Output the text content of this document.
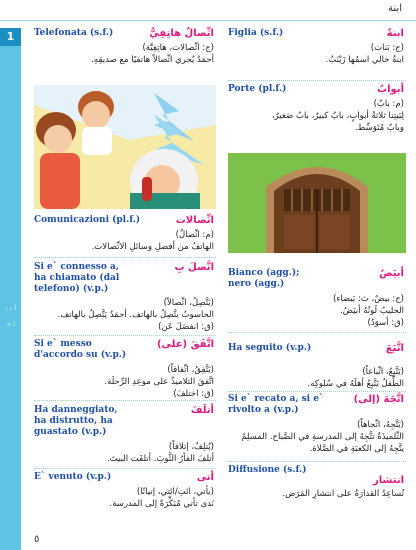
ابنة
1
ﺍ ﺑ ﺗ ﺛ ﺟ
Telefonata (s.f.)	اتِّصالٌ هاتِفِيٌّ
(ج: اتِّصالات، هاتِفِيَّة)
أحمَدُ يُجري اتِّصالاً هاتفيًا مع صديقِهِ.
Comunicazioni (pl.f.)	اتِّصالات
(م: اتِّصالٌ)
الهاتفُ من أفضلِ وسائلِ الاتِّصالات.
Si e` connesso a,
ha chiamato (dal
telefono) (v.p.)
اتَّصلَ بِ
(يَتَّصِلُ، اتِّصالاً)
الحاسوبُ يتَّصِلُ بالهاتف. أحمَدُ يَتَّصِلُ بالهاتف.
(ق: انفصَلَ عَن)
Si e` messo
d'accordo su (v.p.)
اتَّفَقَ (على)
(يَتَّفِقُ، اتِّفاقاً)
اتَّفقَ التلاميذُ على موعِدِ الرِّحلَة.
(ق: اختلفَ)
Ha danneggiato,
ha distrutto, ha
guastato (v.p.)
أتلَفَ
(يُتلِفُ، إتلافاً)
أتلفَ الفأرُ الثَّوبَ. أتلفَت البيتَ.
E` venuto (v.p.)	أتى
(يأتي، ائتِ/ائتي، إتيانًا)
نَدى تأتي مُبَكِّرَةً إلى المدرسة.
Figlia (s.f.)	ابنةٌ
(ج: بَنات)
ابنةُ خالي اسمُها زَيْنَبُ.
Porte (pl.f.)	أبوابٌ
(م: بابٌ)
لِبَيتِنا ثلاثةُ أبوابٍ، بابٌ كبيرٌ، بابٌ صَغيرٌ،
وبابٌ مُتَوَسِّط.
Bianco (agg.);
nero (agg.)
أبيَضُ
(ج: بيضٌ، ث: بَيضاء)
الحليبُ لَونُهُ أبيَضُ.
(ق: أسوَدُ)
Ha seguito (v.p.)	اتَّبَعَ
(يَتَّبِعُ، اتِّباعاً)
الطِّفلُ يَتَّبِعُ أهلَهُ في سُلوكِه.
Si e` recato a, si e`
rivolto a (v.p.)
اتَّجَهَ (إلى)
(يَتَّجِهُ، اتِّجاهاً)
التِّلميذَةُ تتَّجِهُ إلى المدرسةِ في الصَّباح. المسلِمُ
يتَّجِهُ إلى الكعبَةِ في الصَّلاة.
Diffusione (s.f.)
انتشار
تُساعِدُ القذارَةُ على انتشارِ المَرَض.
٥
